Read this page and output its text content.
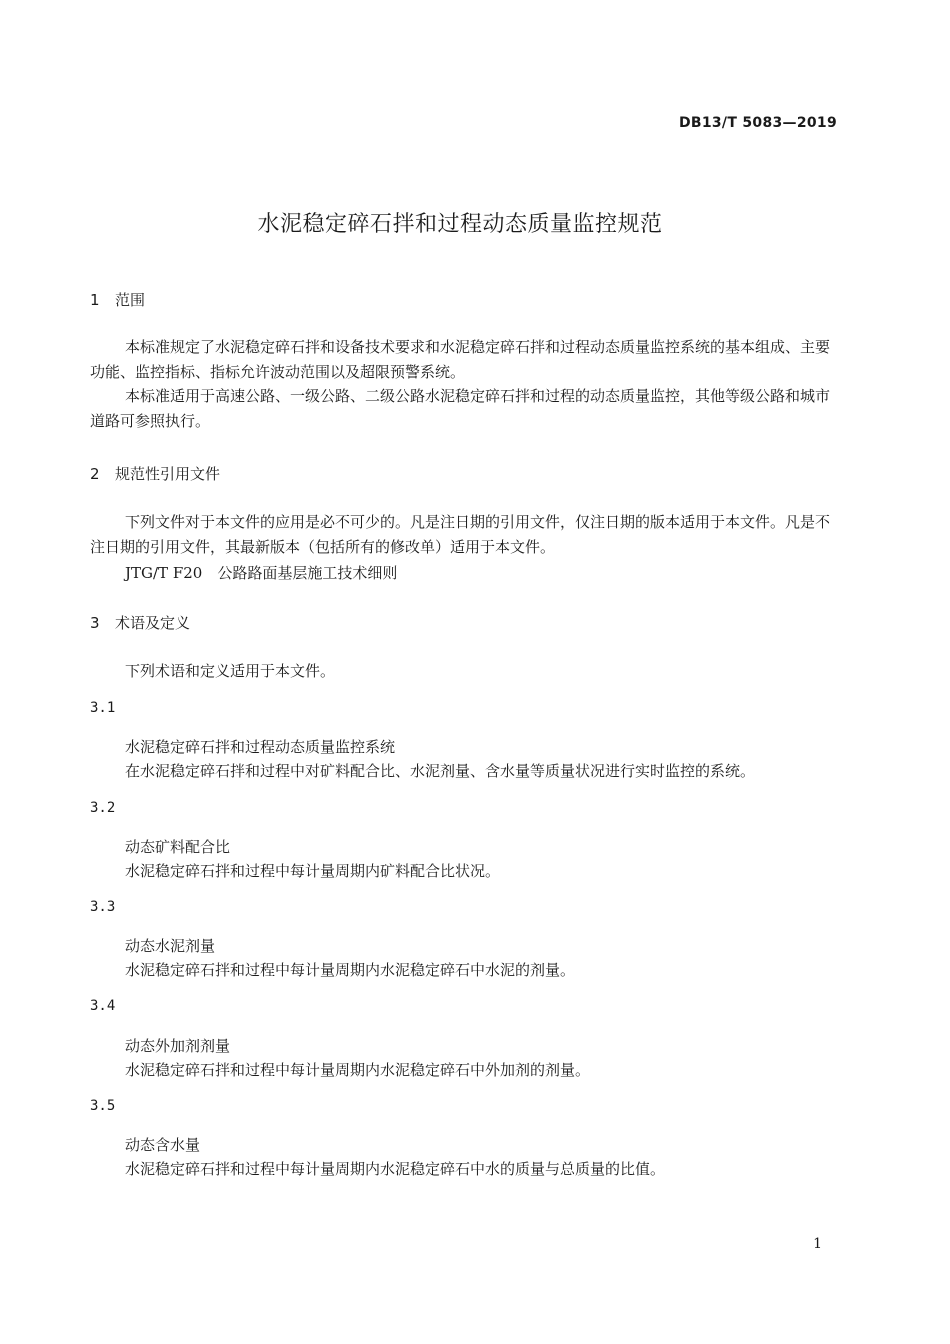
DB13/T 5083—2019
水泥稳定碎石拌和过程动态质量监控规范
1 范围
本标准规定了水泥稳定碎石拌和设备技术要求和水泥稳定碎石拌和过程动态质量监控系统的基本组成、主要功能、监控指标、指标允许波动范围以及超限预警系统。
本标准适用于高速公路、一级公路、二级公路水泥稳定碎石拌和过程的动态质量监控，其他等级公路和城市道路可参照执行。
2 规范性引用文件
下列文件对于本文件的应用是必不可少的。凡是注日期的引用文件，仅注日期的版本适用于本文件。凡是不注日期的引用文件，其最新版本（包括所有的修改单）适用于本文件。
JTG/T F20　公路路面基层施工技术细则
3 术语及定义
下列术语和定义适用于本文件。
3.1
水泥稳定碎石拌和过程动态质量监控系统
在水泥稳定碎石拌和过程中对矿料配合比、水泥剂量、含水量等质量状况进行实时监控的系统。
3.2
动态矿料配合比
水泥稳定碎石拌和过程中每计量周期内矿料配合比状况。
3.3
动态水泥剂量
水泥稳定碎石拌和过程中每计量周期内水泥稳定碎石中水泥的剂量。
3.4
动态外加剂剂量
水泥稳定碎石拌和过程中每计量周期内水泥稳定碎石中外加剂的剂量。
3.5
动态含水量
水泥稳定碎石拌和过程中每计量周期内水泥稳定碎石中水的质量与总质量的比值。
1
